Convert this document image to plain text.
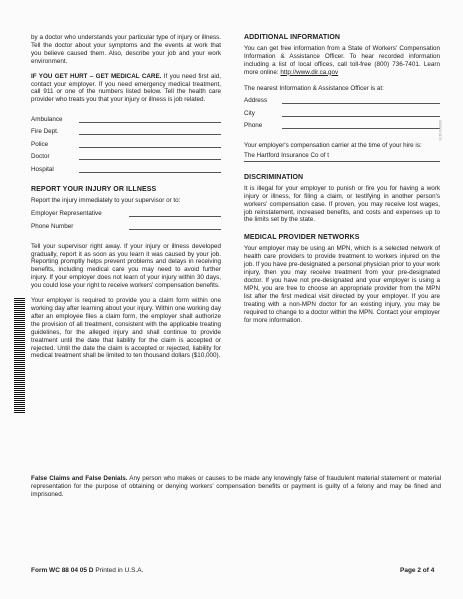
by a doctor who understands your particular type of injury or illness. Tell the doctor about your symptoms and the events at work that you believe caused them. Also, describe your job and your work environment.

IF YOU GET HURT – GET MEDICAL CARE. If you need first aid, contact your employer. If you need emergency medical treatment, call 911 or one of the numbers listed below. Tell the health care provider who treats you that your injury or illness is job related.

Ambulance
Fire Dept.
Police
Doctor
Hospital
REPORT YOUR INJURY OR ILLNESS

Report the injury immediately to your supervisor or to:

Employer Representative
Phone Number

Tell your supervisor right away. If your injury or illness developed gradually, report it as soon as you learn it was caused by your job. Reporting promptly helps prevent problems and delays in receiving benefits, including medical care you may need to avoid further injury. If your employer does not learn of your injury within 30 days, you could lose your right to receive workers' compensation benefits.

Your employer is required to provide you a claim form within one working day after learning about your injury. Within one working day after an employee files a claim form, the employer shall authorize the provision of all treatment, consistent with the applicable treating guidelines, for the alleged injury and shall continue to provide treatment until the date that liability for the claim is accepted or rejected. Until the date the claim is accepted or rejected, liability for medical treatment shall be limited to ten thousand dollars ($10,000).

ADDITIONAL INFORMATION

You can get free information from a State of Workers' Compensation Information & Assistance Officer. To hear recorded information including a list of local offices, call toll-free (800) 736-7401. Learn more online: http://www.dir.ca.gov

The nearest Information & Assistance Officer is at:

Address
City
Phone

Your employer's compensation carrier at the time of your hire is:

The Hartford Insurance Co of t
DISCRIMINATION

It is illegal for your employer to punish or fire you for having a work injury or illness, for filing a claim, or testifying in another person's workers' compensation case. If proven, you may receive lost wages, job reinstatement, increased benefits, and costs and expenses up to the limits set by the state.

MEDICAL PROVIDER NETWORKS

Your employer may be using an MPN, which is a selected network of health care providers to provide treatment to workers injured on the job. If you have pre-designated a personal physician prior to your work injury, then you may receive treatment from your pre-designated doctor. If you have not pre-designated and your employer is using a MPN, you are free to choose an appropriate provider from the MPN list after the first medical visit directed by your employer. If you are treating with a non-MPN doctor for an existing injury, you may be required to change to a doctor within the MPN. Contact your employer for more information.

False Claims and False Denials. Any person who makes or causes to be made any knowingly false of fraudulent material statement or material representation for the purpose of obtaining or denying workers' compensation benefits or payment is guilty of a felony and may be fined and imprisoned.
Form WC 88 04 05 D Printed in U.S.A.	Page 2 of 4
000320 6176
